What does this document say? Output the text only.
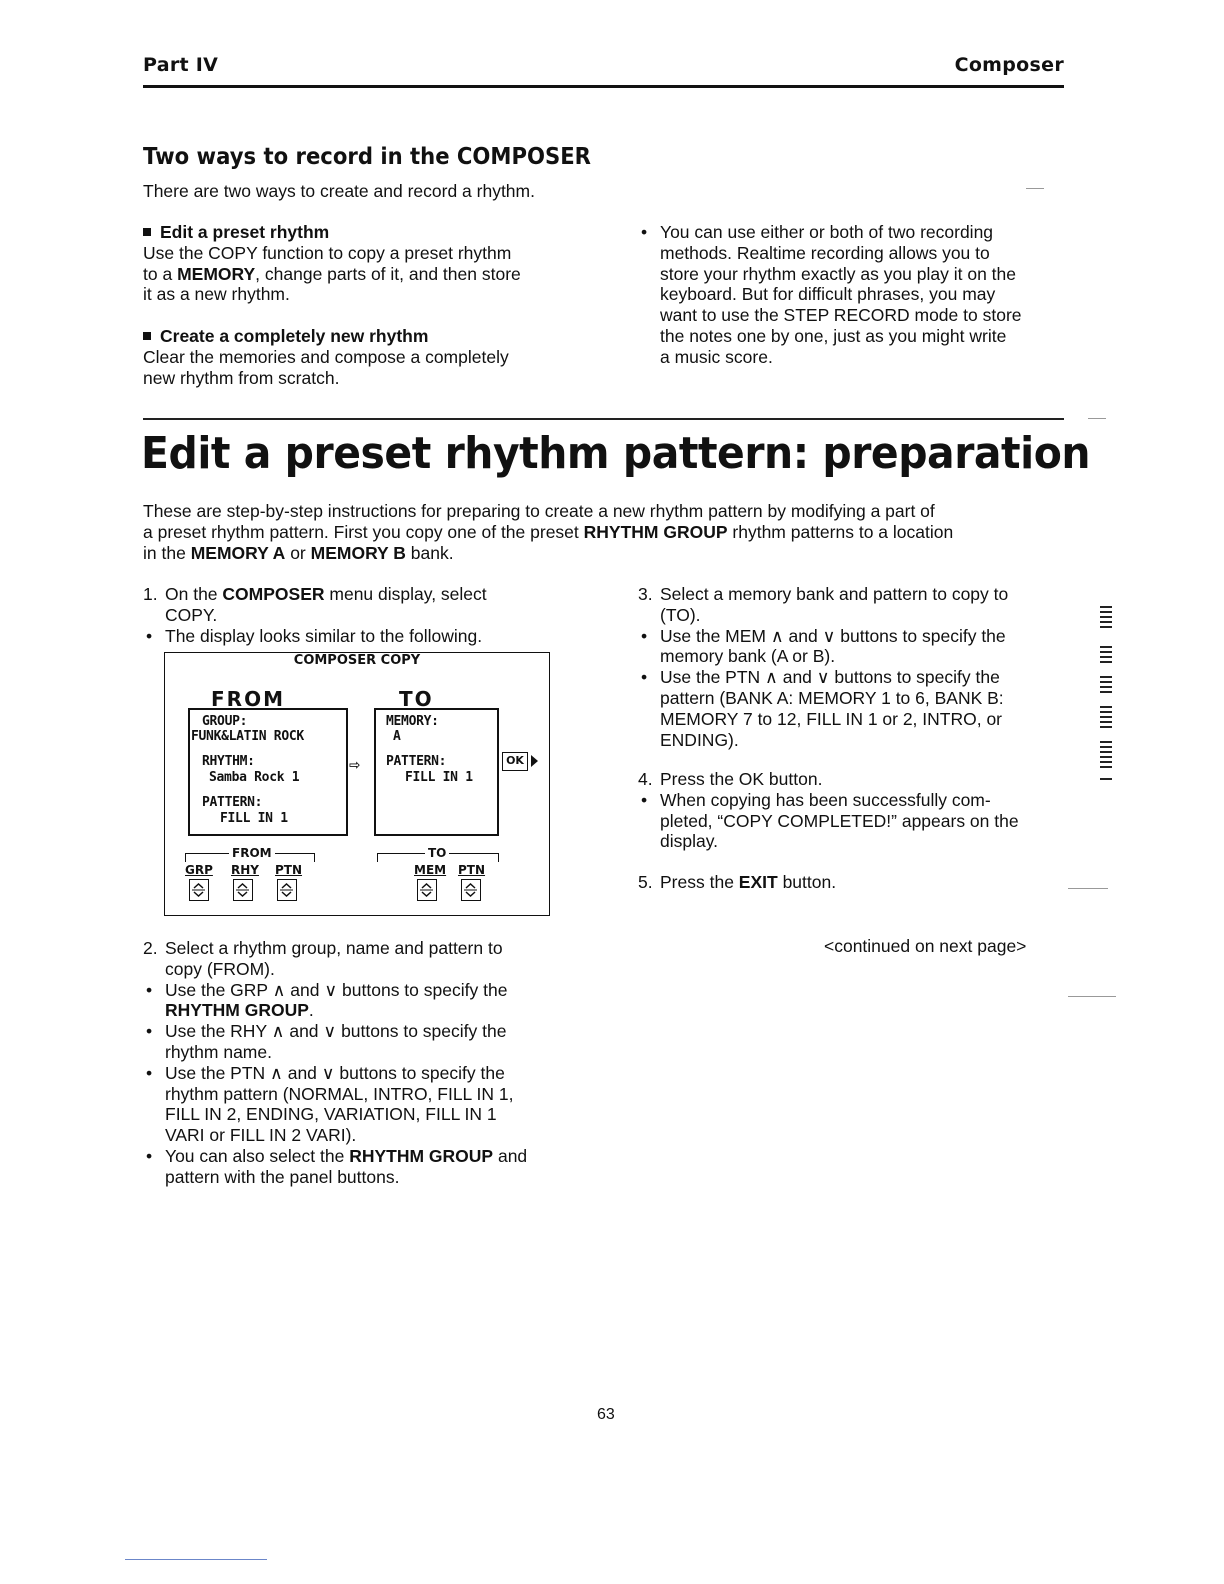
Part IV	Composer
Two ways to record in the COMPOSER
There are two ways to create and record a rhythm.
Edit a preset rhythm
Use the COPY function to copy a preset rhythm
to a MEMORY, change parts of it, and then store
it as a new rhythm.
Create a completely new rhythm
Clear the memories and compose a completely
new rhythm from scratch.
• You can use either or both of two recording
methods. Realtime recording allows you to
store your rhythm exactly as you play it on the
keyboard. But for difficult phrases, you may
want to use the STEP RECORD mode to store
the notes one by one, just as you might write
a music score.
Edit a preset rhythm pattern: preparation
These are step-by-step instructions for preparing to create a new rhythm pattern by modifying a part of
a preset rhythm pattern. First you copy one of the preset RHYTHM GROUP rhythm patterns to a location
in the MEMORY A or MEMORY B bank.
1. On the COMPOSER menu display, select
COPY.
• The display looks similar to the following.
COMPOSER COPY
FROM	TO
GROUP:
FUNK&LATIN ROCK
RHYTHM:
Samba Rock 1
PATTERN:
FILL IN 1
⇨
MEMORY:
A
PATTERN:
FILL IN 1
OK
FROM	TO
GRP RHY PTN	MEM PTN
2. Select a rhythm group, name and pattern to
copy (FROM).
• Use the GRP ∧ and ∨ buttons to specify the
RHYTHM GROUP.
• Use the RHY ∧ and ∨ buttons to specify the
rhythm name.
• Use the PTN ∧ and ∨ buttons to specify the
rhythm pattern (NORMAL, INTRO, FILL IN 1,
FILL IN 2, ENDING, VARIATION, FILL IN 1
VARI or FILL IN 2 VARI).
• You can also select the RHYTHM GROUP and
pattern with the panel buttons.
3. Select a memory bank and pattern to copy to
(TO).
• Use the MEM ∧ and ∨ buttons to specify the
memory bank (A or B).
• Use the PTN ∧ and ∨ buttons to specify the
pattern (BANK A: MEMORY 1 to 6, BANK B:
MEMORY 7 to 12, FILL IN 1 or 2, INTRO, or
ENDING).
4. Press the OK button.
• When copying has been successfully com-
pleted, “COPY COMPLETED!” appears on the
display.
5. Press the EXIT button.
<continued on next page>
63
